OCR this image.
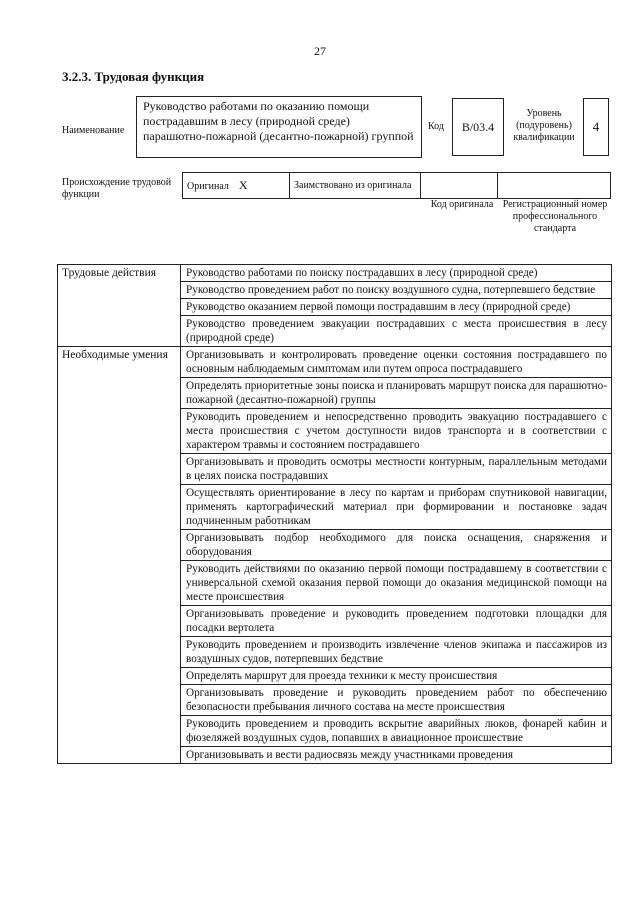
27
3.2.3. Трудовая функция
Наименование
Руководство работами по оказанию помощи пострадавшим в лесу (природной среде) парашютно-пожарной (десантно-пожарной) группой
Код	B/03.4
Уровень (подуровень) квалификации
4
Происхождение трудовой функции
Оригинал X	Заимствовано из оригинала		
Код оригинала Регистрационный номер профессионального стандарта
Трудовые действия	Руководство работами по поиску пострадавших в лесу (природной среде)
	Руководство проведением работ по поиску воздушного судна, потерпевшего бедствие
	Руководство оказанием первой помощи пострадавшим в лесу (природной среде)
	Руководство проведением эвакуации пострадавших с места происшествия в лесу (природной среде)
Необходимые умения	Организовывать и контролировать проведение оценки состояния пострадавшего по основным наблюдаемым симптомам или путем опроса пострадавшего
	Определять приоритетные зоны поиска и планировать маршрут поиска для парашютно-пожарной (десантно-пожарной) группы
	Руководить проведением и непосредственно проводить эвакуацию пострадавшего с места происшествия с учетом доступности видов транспорта и в соответствии с характером травмы и состоянием пострадавшего
	Организовывать и проводить осмотры местности контурным, параллельным методами в целях поиска пострадавших
	Осуществлять ориентирование в лесу по картам и приборам спутниковой навигации, применять картографический материал при формировании и постановке задач подчиненным работникам
	Организовывать подбор необходимого для поиска оснащения, снаряжения и оборудования
	Руководить действиями по оказанию первой помощи пострадавшему в соответствии с универсальной схемой оказания первой помощи до оказания медицинской помощи на месте происшествия
	Организовывать проведение и руководить проведением подготовки площадки для посадки вертолета
	Руководить проведением и производить извлечение членов экипажа и пассажиров из воздушных судов, потерпевших бедствие
	Определять маршрут для проезда техники к месту происшествия
	Организовывать проведение и руководить проведением работ по обеспечению безопасности пребывания личного состава на месте происшествия
	Руководить проведением и проводить вскрытие аварийных люков, фонарей кабин и фюзеляжей воздушных судов, попавших в авиационное происшествие
	Организовывать и вести радиосвязь между участниками проведения
